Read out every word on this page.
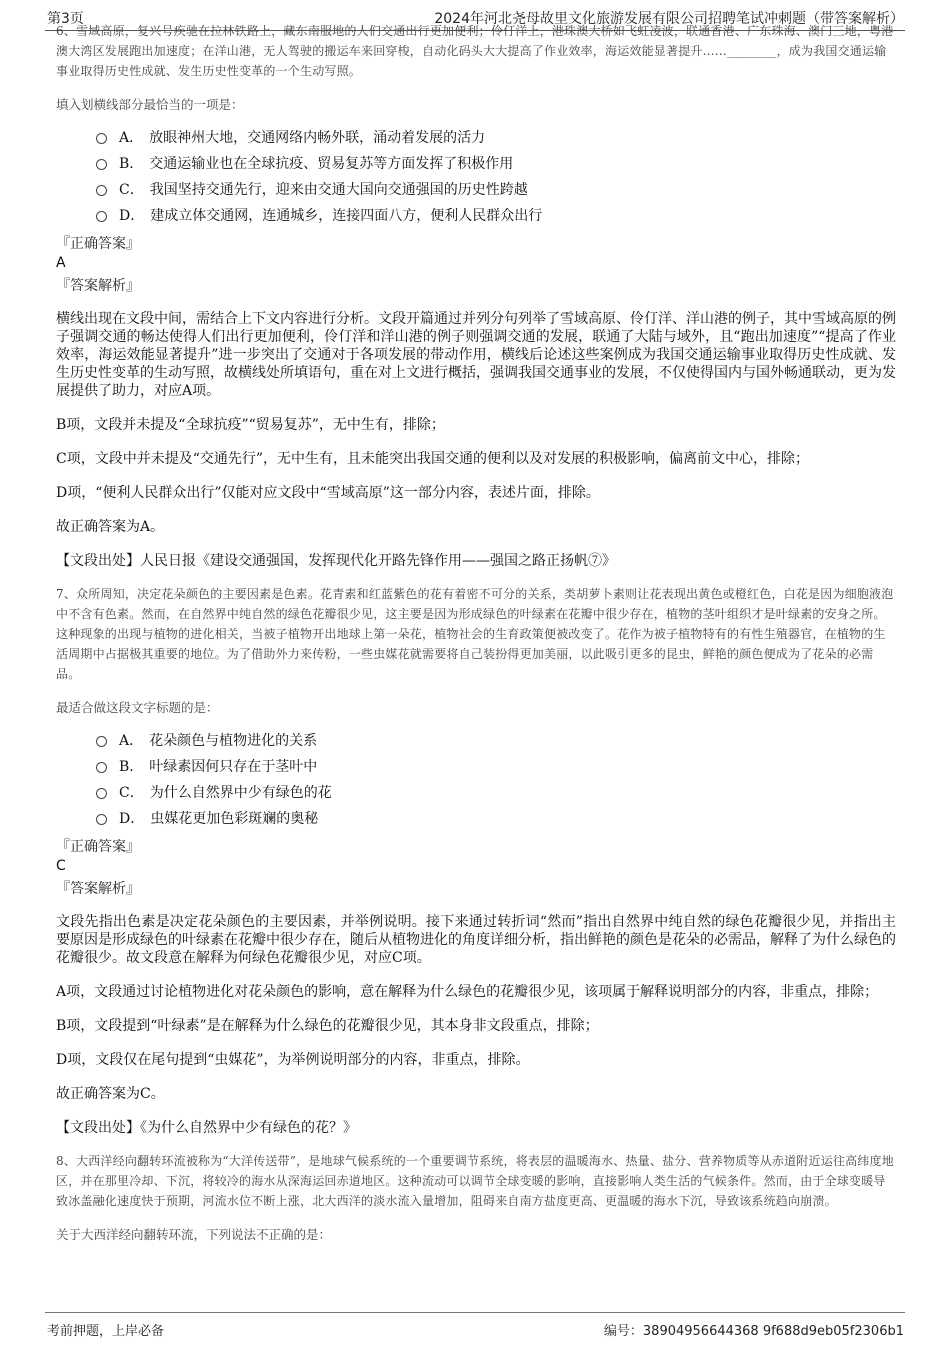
第3页	2024年河北尧母故里文化旅游发展有限公司招聘笔试冲刺题（带答案解析）

6、雪域高原，复兴号疾驰在拉林铁路上，藏东南服地的人们交通出行更加便利；伶仃洋上，港珠澳大桥如飞虹凌波，联通香港、广东珠海、澳门三地，粤港澳大湾区发展跑出加速度；在洋山港，无人驾驶的搬运车来回穿梭，自动化码头大大提高了作业效率，海运效能显著提升……________，成为我国交通运输事业取得历史性成就、发生历史性变革的一个生动写照。

填入划横线部分最恰当的一项是：

A． 放眼神州大地，交通网络内畅外联，涌动着发展的活力
B． 交通运输业也在全球抗疫、贸易复苏等方面发挥了积极作用
C． 我国坚持交通先行，迎来由交通大国向交通强国的历史性跨越
D． 建成立体交通网，连通城乡，连接四面八方，便利人民群众出行

『正确答案』

A

『答案解析』

横线出现在文段中间，需结合上下文内容进行分析。文段开篇通过并列分句列举了雪域高原、伶仃洋、洋山港的例子，其中雪域高原的例子强调交通的畅达使得人们出行更加便利，伶仃洋和洋山港的例子则强调交通的发展，联通了大陆与域外，且“跑出加速度”“提高了作业效率，海运效能显著提升”进一步突出了交通对于各项发展的带动作用，横线后论述这些案例成为我国交通运输事业取得历史性成就、发生历史性变革的生动写照，故横线处所填语句，重在对上文进行概括，强调我国交通事业的发展，不仅使得国内与国外畅通联动，更为发展提供了助力，对应A项。

B项，文段并未提及“全球抗疫”“贸易复苏”，无中生有，排除；

C项，文段中并未提及“交通先行”，无中生有，且未能突出我国交通的便利以及对发展的积极影响，偏离前文中心，排除；

D项，“便利人民群众出行”仅能对应文段中“雪域高原”这一部分内容，表述片面，排除。

故正确答案为A。

【文段出处】人民日报《建设交通强国，发挥现代化开路先锋作用——强国之路正扬帆⑦》

7、众所周知，决定花朵颜色的主要因素是色素。花青素和红蓝紫色的花有着密不可分的关系，类胡萝卜素则让花表现出黄色或橙红色，白花是因为细胞液泡中不含有色素。然而，在自然界中纯自然的绿色花瓣很少见，这主要是因为形成绿色的叶绿素在花瓣中很少存在，植物的茎叶组织才是叶绿素的安身之所。这种现象的出现与植物的进化相关，当被子植物开出地球上第一朵花，植物社会的生育政策便被改变了。花作为被子植物特有的有性生殖器官，在植物的生活周期中占据极其重要的地位。为了借助外力来传粉，一些虫媒花就需要将自己装扮得更加美丽，以此吸引更多的昆虫，鲜艳的颜色便成为了花朵的必需品。

最适合做这段文字标题的是：

A． 花朵颜色与植物进化的关系
B． 叶绿素因何只存在于茎叶中
C． 为什么自然界中少有绿色的花
D． 虫媒花更加色彩斑斓的奥秘

『正确答案』

C

『答案解析』

文段先指出色素是决定花朵颜色的主要因素，并举例说明。接下来通过转折词“然而”指出自然界中纯自然的绿色花瓣很少见，并指出主要原因是形成绿色的叶绿素在花瓣中很少存在，随后从植物进化的角度详细分析，指出鲜艳的颜色是花朵的必需品，解释了为什么绿色的花瓣很少。故文段意在解释为何绿色花瓣很少见，对应C项。

A项，文段通过讨论植物进化对花朵颜色的影响，意在解释为什么绿色的花瓣很少见，该项属于解释说明部分的内容，非重点，排除；

B项，文段提到“叶绿素”是在解释为什么绿色的花瓣很少见，其本身非文段重点，排除；

D项，文段仅在尾句提到“虫媒花”，为举例说明部分的内容，非重点，排除。

故正确答案为C。

【文段出处】《为什么自然界中少有绿色的花？》

8、大西洋经向翻转环流被称为“大洋传送带”，是地球气候系统的一个重要调节系统，将表层的温暖海水、热量、盐分、营养物质等从赤道附近运往高纬度地区，并在那里冷却、下沉，将较冷的海水从深海运回赤道地区。这种流动可以调节全球变暖的影响，直接影响人类生活的气候条件。然而，由于全球变暖导致冰盖融化速度快于预期，河流水位不断上涨，北大西洋的淡水流入量增加，阻碍来自南方盐度更高、更温暖的海水下沉，导致该系统趋向崩溃。

关于大西洋经向翻转环流，下列说法不正确的是：

考前押题，上岸必备	编号：38904956644368 9f688d9eb05f2306b1
